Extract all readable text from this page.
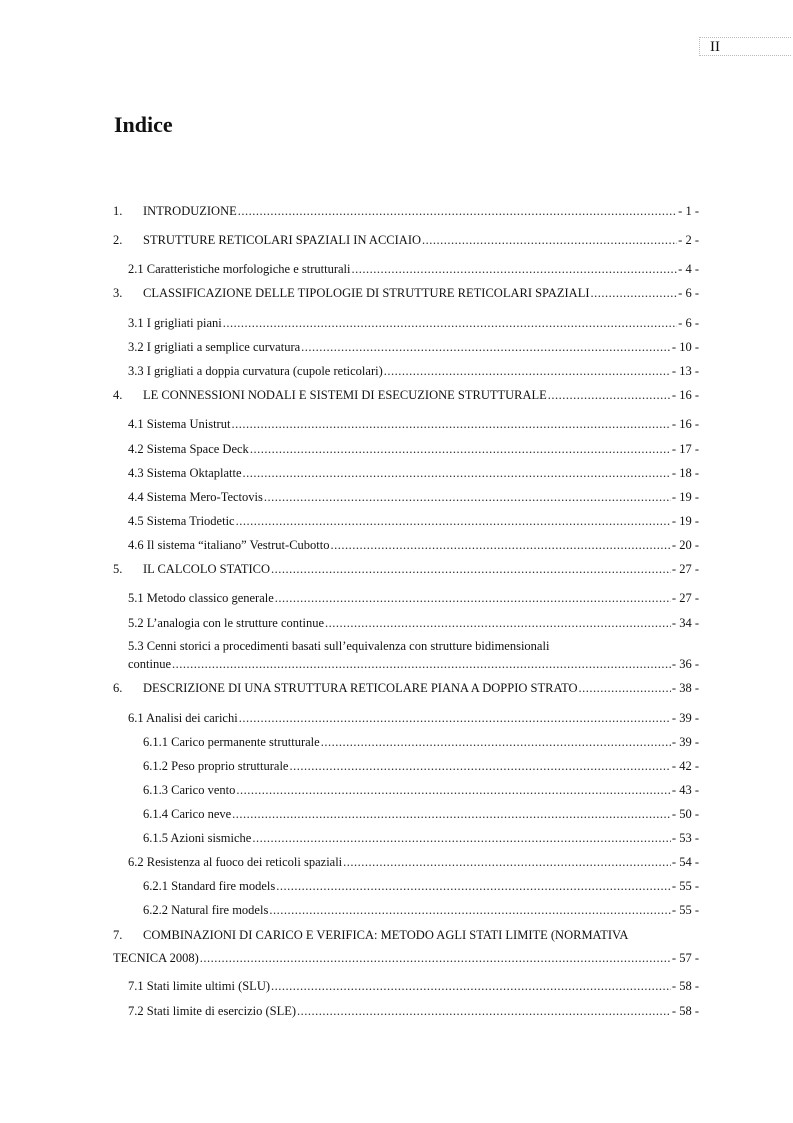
II
Indice
1.	INTRODUZIONE .....	- 1 -
2.	STRUTTURE RETICOLARI SPAZIALI IN ACCIAIO .....	- 2 -
2.1 Caratteristiche morfologiche e strutturali .....	- 4 -
3.	CLASSIFICAZIONE DELLE TIPOLOGIE DI STRUTTURE RETICOLARI SPAZIALI .....	- 6 -
3.1 I grigliati piani .....	- 6 -
3.2 I grigliati a semplice curvatura .....	- 10 -
3.3 I grigliati a doppia curvatura (cupole reticolari) .....	- 13 -
4.	LE CONNESSIONI NODALI E SISTEMI DI ESECUZIONE STRUTTURALE .....	- 16 -
4.1 Sistema Unistrut .....	- 16 -
4.2 Sistema Space Deck .....	- 17 -
4.3 Sistema Oktaplatte .....	- 18 -
4.4 Sistema Mero-Tectovis .....	- 19 -
4.5 Sistema Triodetic .....	- 19 -
4.6 Il sistema “italiano” Vestrut-Cubotto .....	- 20 -
5.	IL CALCOLO STATICO .....	- 27 -
5.1 Metodo classico generale .....	- 27 -
5.2 L’analogia con le strutture continue .....	- 34 -
5.3 Cenni storici a procedimenti basati sull’equivalenza con strutture bidimensionali
continue .....	- 36 -
6.	DESCRIZIONE DI UNA STRUTTURA RETICOLARE PIANA A DOPPIO STRATO .....	- 38 -
6.1 Analisi dei carichi .....	- 39 -
6.1.1 Carico permanente strutturale .....	- 39 -
6.1.2 Peso proprio strutturale .....	- 42 -
6.1.3 Carico vento .....	- 43 -
6.1.4 Carico neve .....	- 50 -
6.1.5 Azioni sismiche .....	- 53 -
6.2 Resistenza al fuoco dei reticoli spaziali .....	- 54 -
6.2.1 Standard fire models .....	- 55 -
6.2.2 Natural fire models .....	- 55 -
7. COMBINAZIONI DI CARICO E VERIFICA: METODO AGLI STATI LIMITE (NORMATIVA
TECNICA 2008) .....	- 57 -
7.1 Stati limite ultimi (SLU) .....	- 58 -
7.2 Stati limite di esercizio (SLE) .....	- 58 -
